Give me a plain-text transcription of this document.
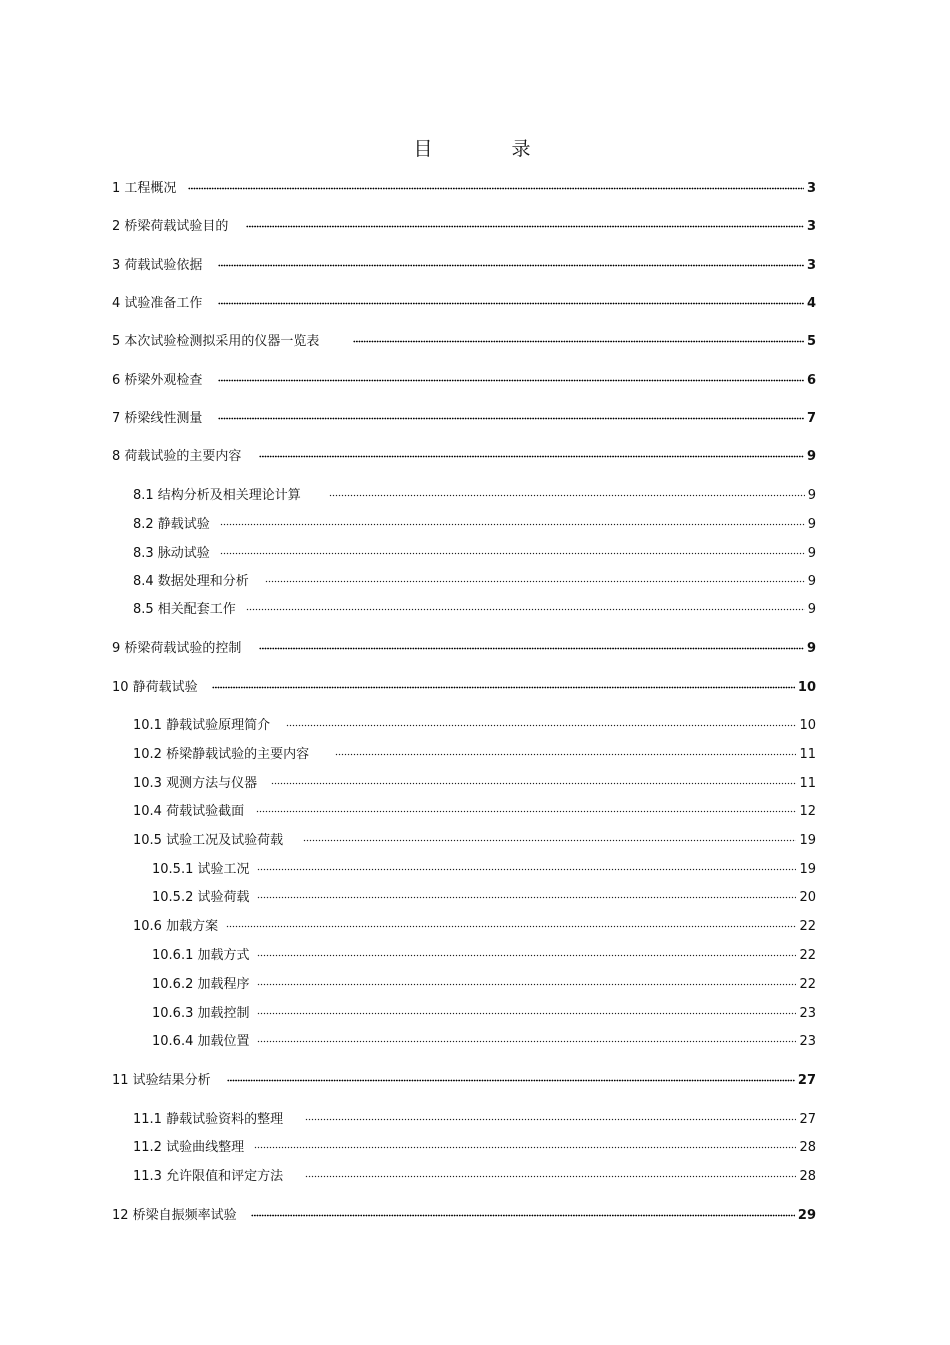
目　录
1 工程概况	3
2 桥梁荷载试验目的	3
3 荷载试验依据	3
4 试验准备工作	4
5 本次试验检测拟采用的仪器一览表	5
6 桥梁外观检查	6
7 桥梁线性测量	7
8 荷载试验的主要内容	9
8.1 结构分析及相关理论计算	9
8.2 静载试验	9
8.3 脉动试验	9
8.4 数据处理和分析	9
8.5 相关配套工作	9
9 桥梁荷载试验的控制	9
10 静荷载试验	10
10.1 静载试验原理简介	10
10.2 桥梁静载试验的主要内容	11
10.3 观测方法与仪器	11
10.4 荷载试验截面	12
10.5 试验工况及试验荷载	19
10.5.1 试验工况	19
10.5.2 试验荷载	20
10.6 加载方案	22
10.6.1 加载方式	22
10.6.2 加载程序	22
10.6.3 加载控制	23
10.6.4 加载位置	23
11 试验结果分析	27
11.1 静载试验资料的整理	27
11.2 试验曲线整理	28
11.3 允许限值和评定方法	28
12 桥梁自振频率试验	29
